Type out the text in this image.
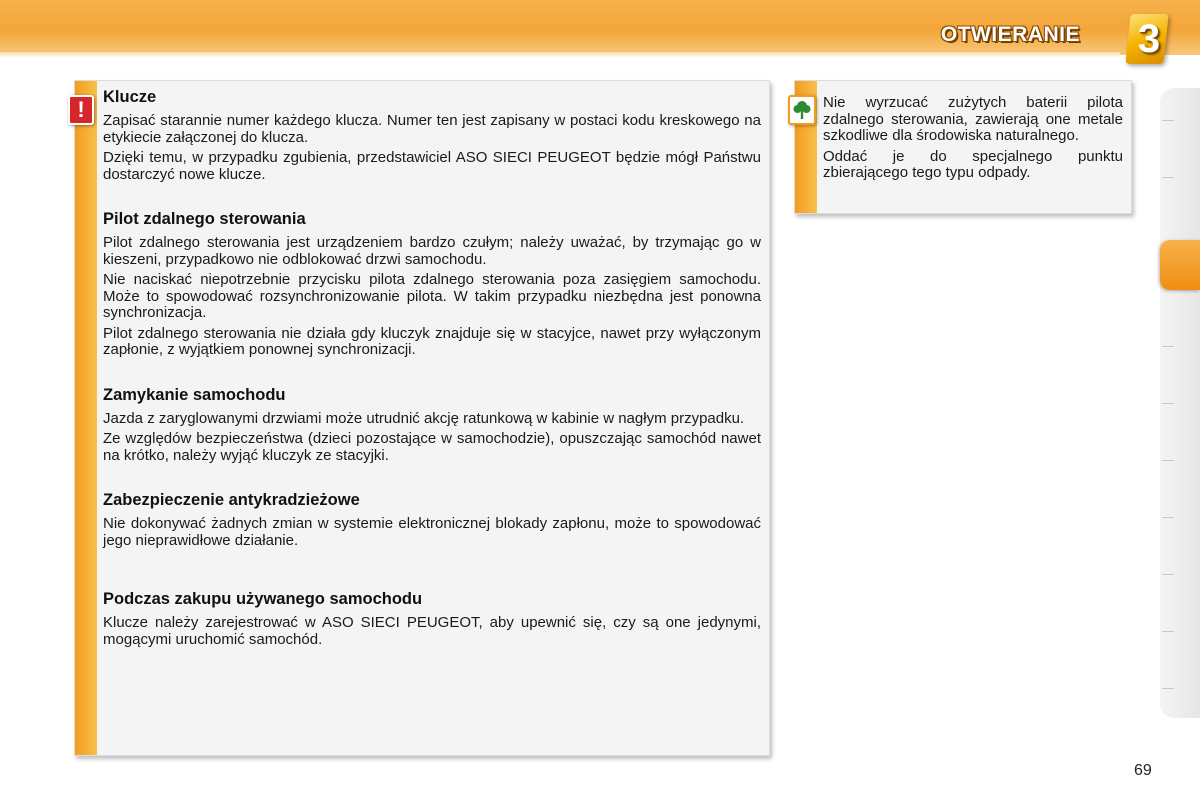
OTWIERANIE 3
Klucze

Zapisać starannie numer każdego klucza. Numer ten jest zapisany w postaci kodu kreskowego na etykiecie załączonej do klucza.

Dzięki temu, w przypadku zgubienia, przedstawiciel ASO SIECI PEUGEOT będzie mógł Państwu dostarczyć nowe klucze.

Pilot zdalnego sterowania

Pilot zdalnego sterowania jest urządzeniem bardzo czułym; należy uważać, by trzymając go w kieszeni, przypadkowo nie odblokować drzwi samochodu.

Nie naciskać niepotrzebnie przycisku pilota zdalnego sterowania poza zasięgiem samochodu. Może to spowodować rozsynchronizowanie pilota. W takim przypadku niezbędna jest ponowna synchronizacja.

Pilot zdalnego sterowania nie działa gdy kluczyk znajduje się w stacyjce, nawet przy wyłączonym zapłonie, z wyjątkiem ponownej synchronizacji.

Zamykanie samochodu

Jazda z zaryglowanymi drzwiami może utrudnić akcję ratunkową w kabinie w nagłym przypadku.

Ze względów bezpieczeństwa (dzieci pozostające w samochodzie), opuszczając samochód nawet na krótko, należy wyjąć kluczyk ze stacyjki.

Zabezpieczenie antykradzieżowe

Nie dokonywać żadnych zmian w systemie elektronicznej blokady zapłonu, może to spowodować jego nieprawidłowe działanie.

Podczas zakupu używanego samochodu

Klucze należy zarejestrować w ASO SIECI PEUGEOT, aby upewnić się, czy są one jedynymi, mogącymi uruchomić samochód.

!	Nie wyrzucać zużytych baterii pilota zdalnego sterowania, zawierają one metale szkodliwe dla środowiska naturalnego.

Oddać je do specjalnego punktu zbierającego tego typu odpady.

69
